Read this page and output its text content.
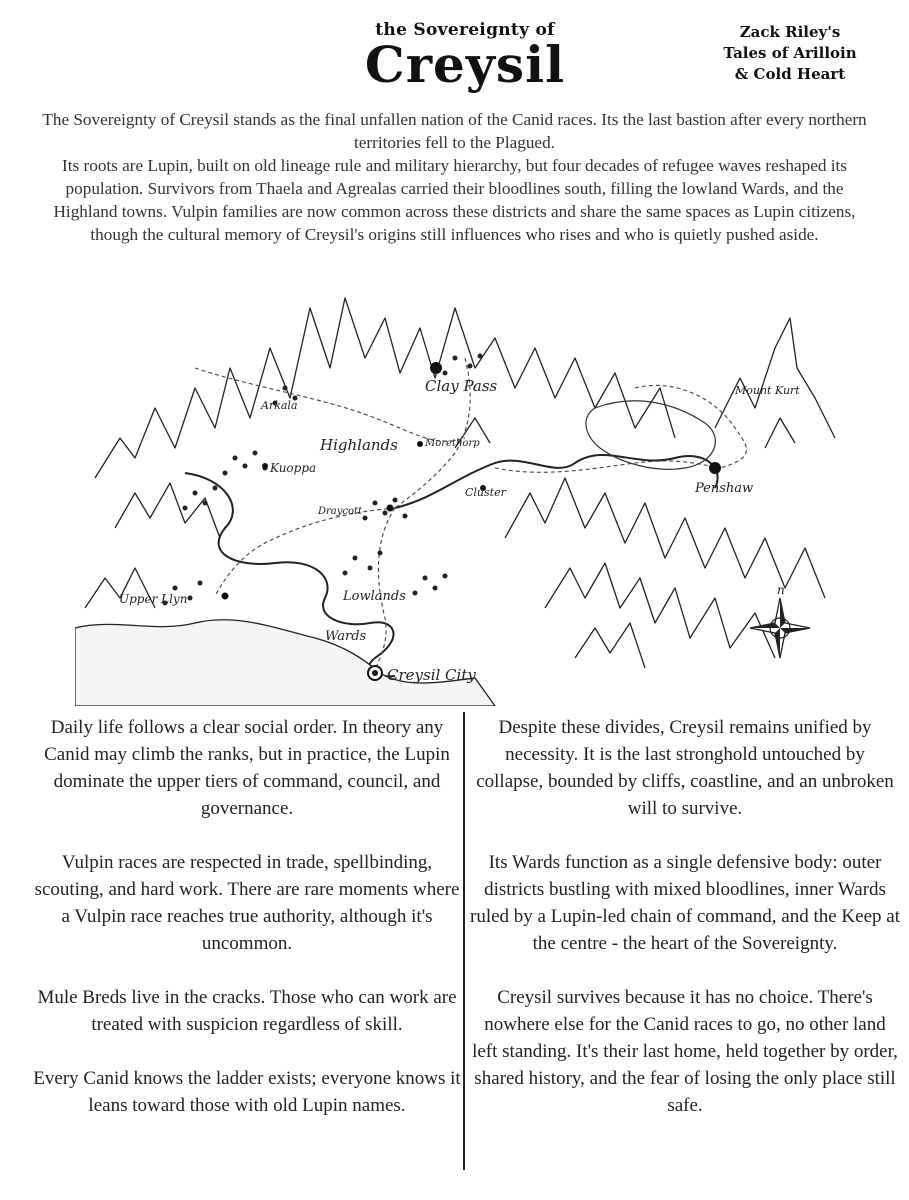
the Sovereignty of
Creysil
Zack Riley's
Tales of Arilloin
& Cold Heart

The Sovereignty of Creysil stands as the final unfallen nation of the Canid races. Its the last bastion after every northern territories fell to the Plagued.

Its roots are Lupin, built on old lineage rule and military hierarchy, but four decades of refugee waves reshaped its population. Survivors from Thaela and Agrealas carried their bloodlines south, filling the lowland Wards, and the Highland towns. Vulpin families are now common across these districts and share the same spaces as Lupin citizens, though the cultural memory of Creysil's origins still influences who rises and who is quietly pushed aside.

Clay Pass
Arkala
Highlands	Morethorp
Kuoppa
Draycott
Cluster
Mount Kurt
Penshaw
Upper Llyn	Lowlands
Wards
Creysil City
n

Daily life follows a clear social order. In theory any Canid may climb the ranks, but in practice, the Lupin dominate the upper tiers of command, council, and governance.

Vulpin races are respected in trade, spellbinding, scouting, and hard work. There are rare moments where a Vulpin race reaches true authority, although it's uncommon.

Mule Breds live in the cracks. Those who can work are treated with suspicion regardless of skill.

Every Canid knows the ladder exists; everyone knows it leans toward those with old Lupin names.

Despite these divides, Creysil remains unified by necessity. It is the last stronghold untouched by collapse, bounded by cliffs, coastline, and an unbroken will to survive.

Its Wards function as a single defensive body: outer districts bustling with mixed bloodlines, inner Wards ruled by a Lupin-led chain of command, and the Keep at the centre - the heart of the Sovereignty.

Creysil survives because it has no choice. There's nowhere else for the Canid races to go, no other land left standing. It's their last home, held together by order, shared history, and the fear of losing the only place still safe.
